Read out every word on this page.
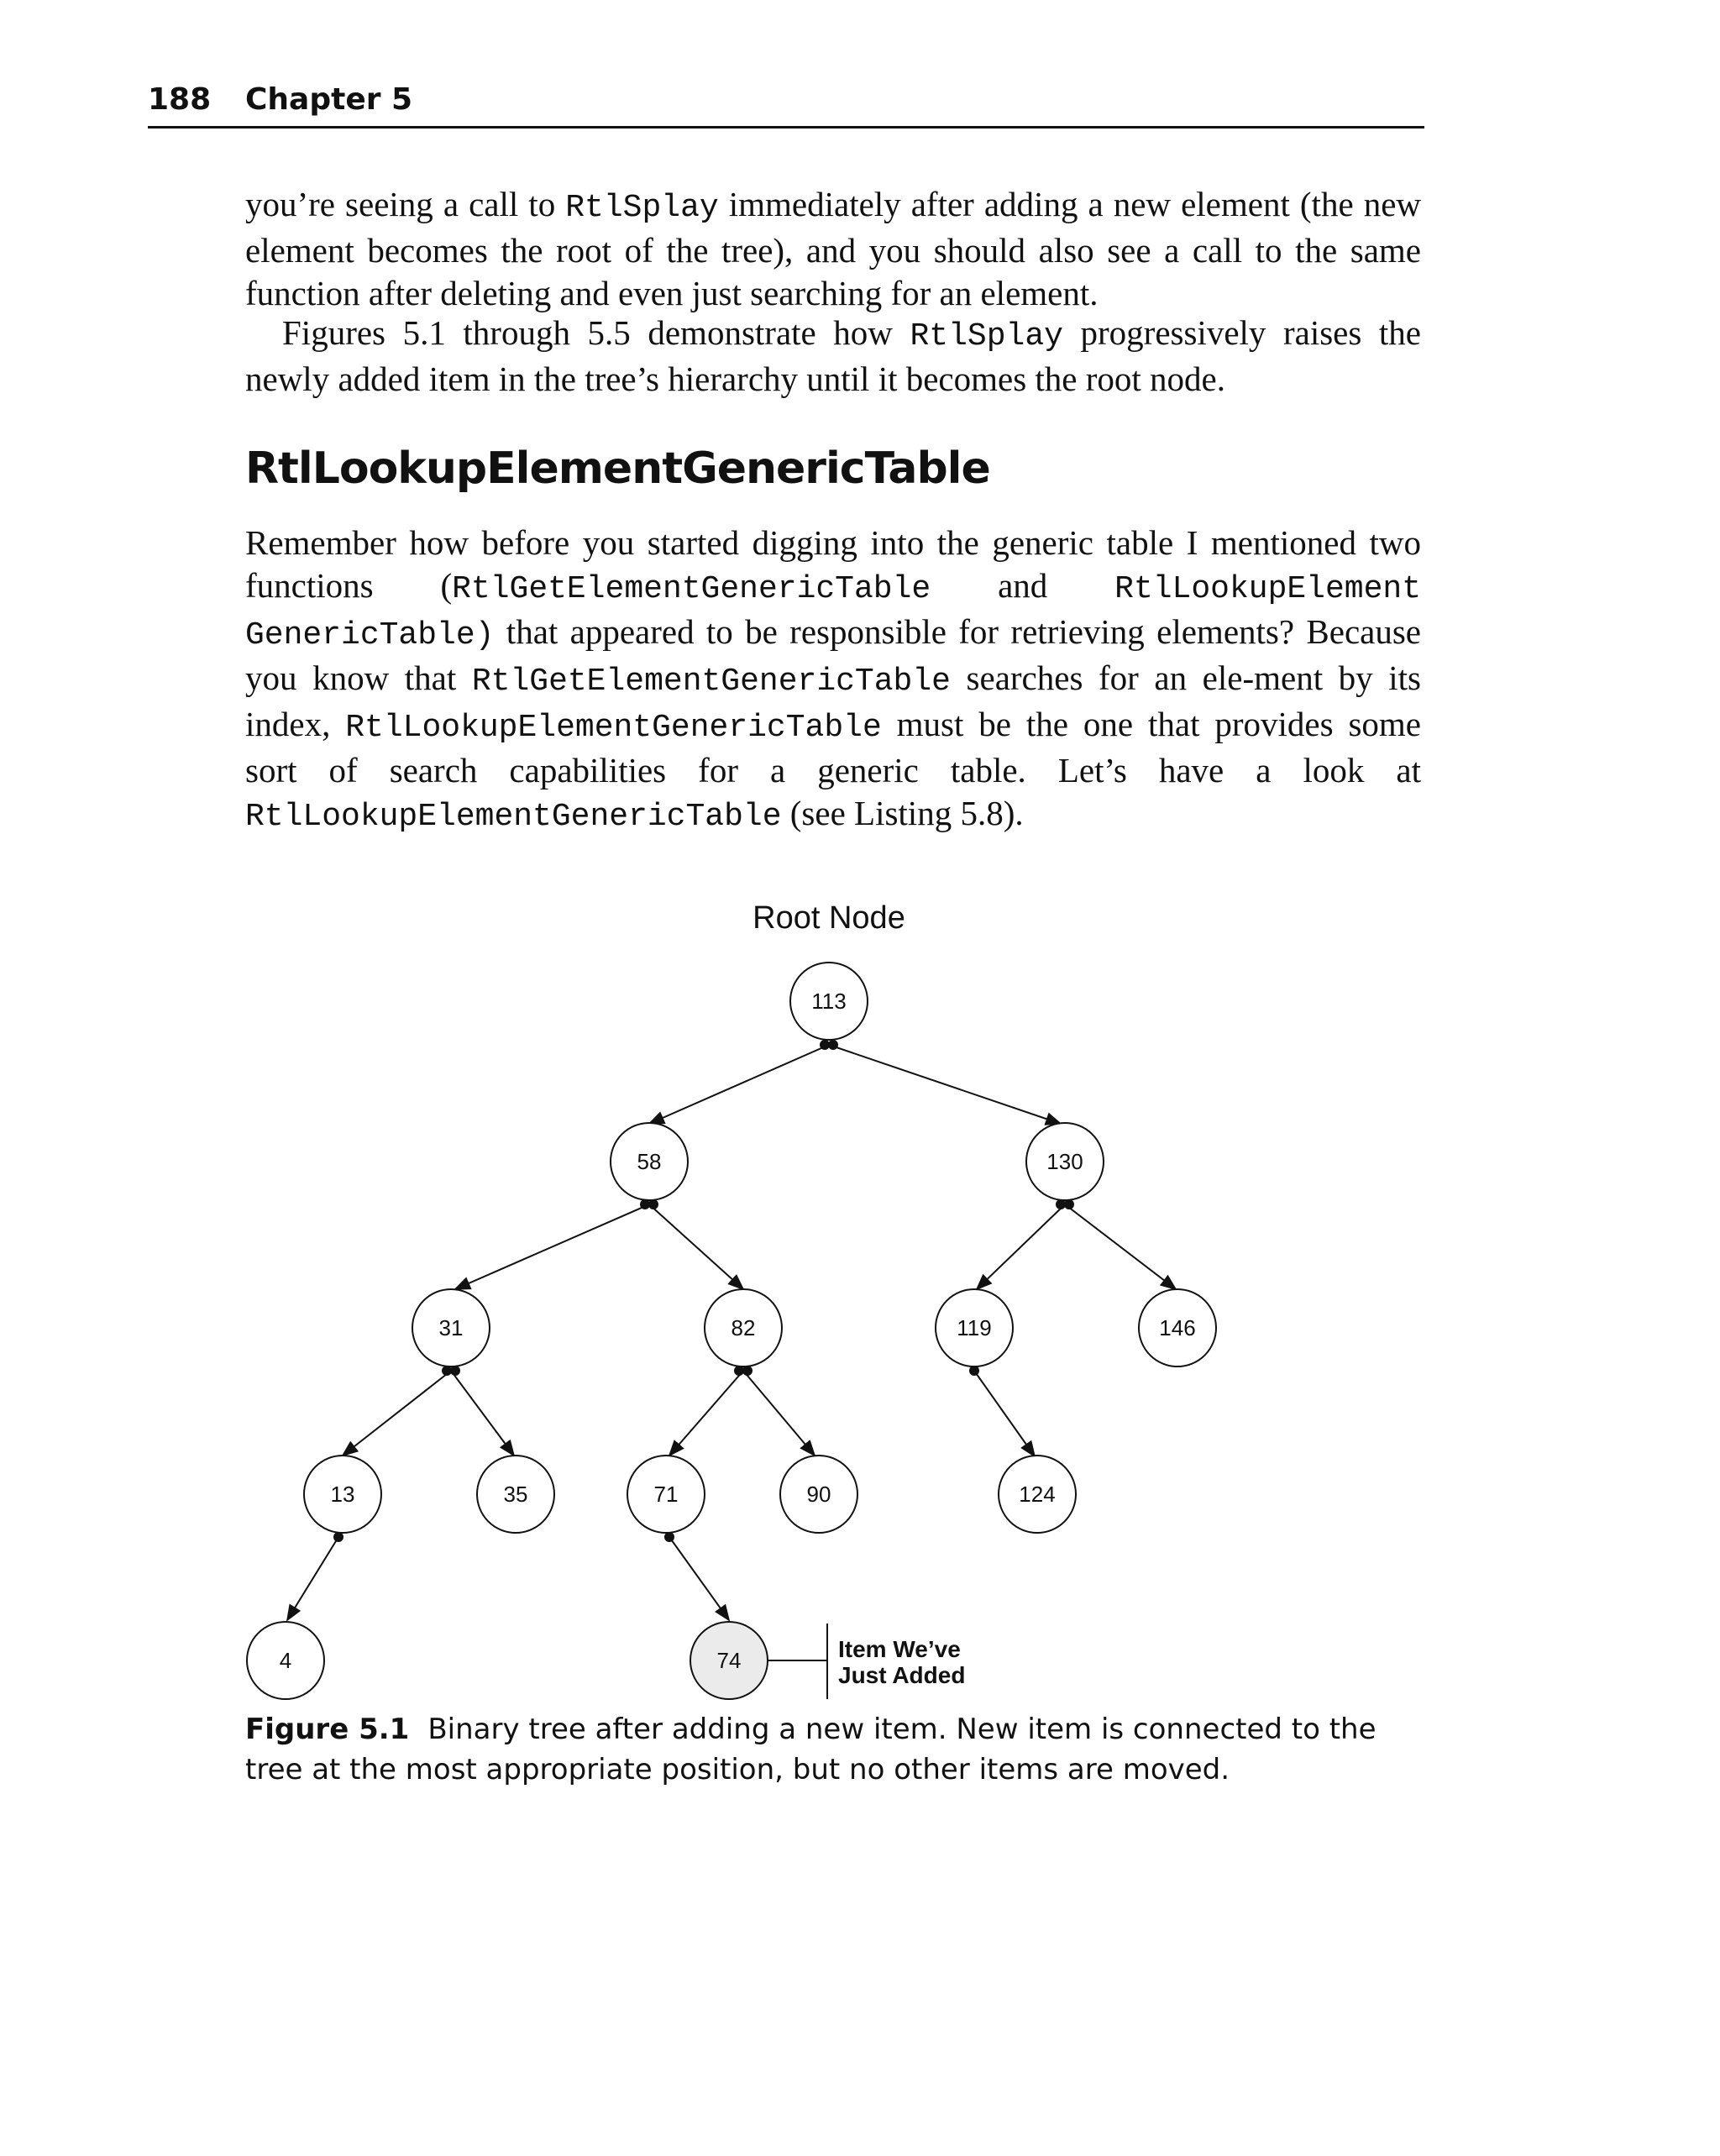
188 Chapter 5

you’re seeing a call to RtlSplay immediately after adding a new element (the new element becomes the root of the tree), and you should also see a call to the same function after deleting and even just searching for an element.

Figures 5.1 through 5.5 demonstrate how RtlSplay progressively raises the newly added item in the tree’s hierarchy until it becomes the root node.

RtlLookupElementGenericTable

Remember how before you started digging into the generic table I mentioned two functions (RtlGetElementGenericTable and RtlLookupElement GenericTable) that appeared to be responsible for retrieving elements? Because you know that RtlGetElementGenericTable searches for an ele-ment by its index, RtlLookupElementGenericTable must be the one that provides some sort of search capabilities for a generic table. Let’s have a look at RtlLookupElementGenericTable (see Listing 5.8).

Root Node
113
58	130
31	82	119	146
13	35	71	90	124
4	74	Item We’ve
Just Added
Figure 5.1 Binary tree after adding a new item. New item is connected to the tree at the most appropriate position, but no other items are moved.
